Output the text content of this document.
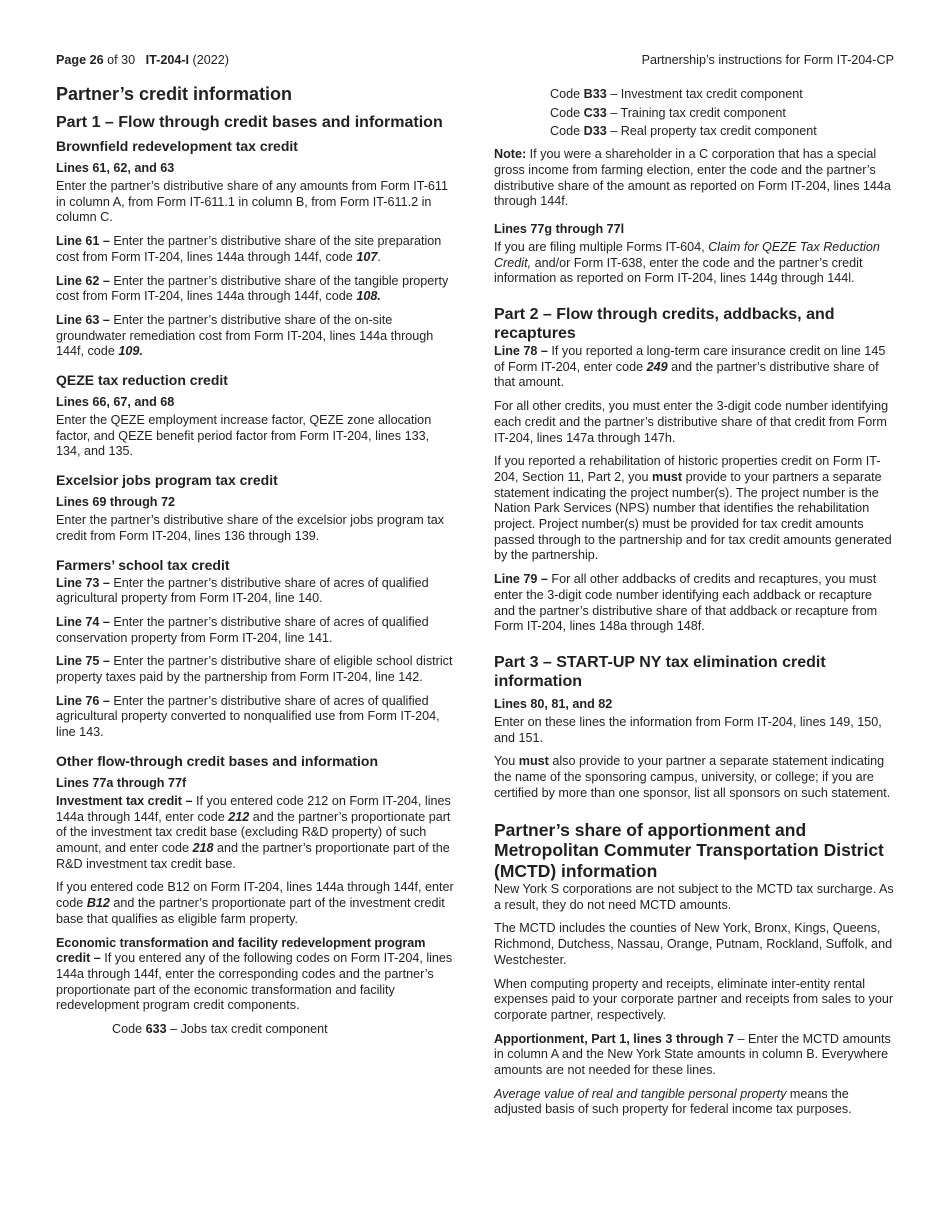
Page 26 of 30 IT-204-I (2022)	Partnership’s instructions for Form IT-204-CP
Partner’s credit information
Part 1 – Flow through credit bases and information
Brownfield redevelopment tax credit
Lines 61, 62, and 63

Enter the partner’s distributive share of any amounts from Form IT-611 in column A, from Form IT-611.1 in column B, from Form IT-611.2 in column C.

Line 61 – Enter the partner’s distributive share of the site preparation cost from Form IT-204, lines 144a through 144f, code 107.

Line 62 – Enter the partner’s distributive share of the tangible property cost from Form IT-204, lines 144a through 144f, code 108.

Line 63 – Enter the partner’s distributive share of the on-site groundwater remediation cost from Form IT-204, lines 144a through 144f, code 109.

QEZE tax reduction credit
Lines 66, 67, and 68

Enter the QEZE employment increase factor, QEZE zone allocation factor, and QEZE benefit period factor from Form IT-204, lines 133, 134, and 135.

Excelsior jobs program tax credit
Lines 69 through 72

Enter the partner’s distributive share of the excelsior jobs program tax credit from Form IT-204, lines 136 through 139.

Farmers’ school tax credit

Line 73 – Enter the partner’s distributive share of acres of qualified agricultural property from Form IT-204, line 140.

Line 74 – Enter the partner’s distributive share of acres of qualified conservation property from Form IT-204, line 141.

Line 75 – Enter the partner’s distributive share of eligible school district property taxes paid by the partnership from Form IT-204, line 142.

Line 76 – Enter the partner’s distributive share of acres of qualified agricultural property converted to nonqualified use from Form IT-204, line 143.

Other flow-through credit bases and information
Lines 77a through 77f

Investment tax credit – If you entered code 212 on Form IT-204, lines 144a through 144f, enter code 212 and the partner’s proportionate part of the investment tax credit base (excluding R&D property) of such amount, and enter code 218 and the partner’s proportionate part of the R&D investment tax credit base.

If you entered code B12 on Form IT-204, lines 144a through 144f, enter code B12 and the partner’s proportionate part of the investment credit base that qualifies as eligible farm property.

Economic transformation and facility redevelopment program credit – If you entered any of the following codes on Form IT-204, lines 144a through 144f, enter the corresponding codes and the partner’s proportionate part of the economic transformation and facility redevelopment program credit components.

Code 633 – Jobs tax credit component

Code B33 – Investment tax credit component

Code C33 – Training tax credit component

Code D33 – Real property tax credit component

Note: If you were a shareholder in a C corporation that has a special gross income from farming election, enter the code and the partner’s distributive share of the amount as reported on Form IT-204, lines 144a through 144f.

Lines 77g through 77l

If you are filing multiple Forms IT-604, Claim for QEZE Tax Reduction Credit, and/or Form IT-638, enter the code and the partner’s credit information as reported on Form IT-204, lines 144g through 144l.

Part 2 – Flow through credits, addbacks, and recaptures

Line 78 – If you reported a long-term care insurance credit on line 145 of Form IT-204, enter code 249 and the partner’s distributive share of that amount.

For all other credits, you must enter the 3-digit code number identifying each credit and the partner’s distributive share of that credit from Form IT-204, lines 147a through 147h.

If you reported a rehabilitation of historic properties credit on Form IT-204, Section 11, Part 2, you must provide to your partners a separate statement indicating the project number(s). The project number is the Nation Park Services (NPS) number that identifies the rehabilitation project. Project number(s) must be provided for tax credit amounts passed through to the partnership and for tax credit amounts generated by the partnership.

Line 79 – For all other addbacks of credits and recaptures, you must enter the 3-digit code number identifying each addback or recapture and the partner’s distributive share of that addback or recapture from Form IT-204, lines 148a through 148f.

Part 3 – START-UP NY tax elimination credit information
Lines 80, 81, and 82

Enter on these lines the information from Form IT-204, lines 149, 150, and 151.

You must also provide to your partner a separate statement indicating the name of the sponsoring campus, university, or college; if you are certified by more than one sponsor, list all sponsors on such statement.

Partner’s share of apportionment and Metropolitan Commuter Transportation District (MCTD) information

New York S corporations are not subject to the MCTD tax surcharge. As a result, they do not need MCTD amounts.

The MCTD includes the counties of New York, Bronx, Kings, Queens, Richmond, Dutchess, Nassau, Orange, Putnam, Rockland, Suffolk, and Westchester.

When computing property and receipts, eliminate inter-entity rental expenses paid to your corporate partner and receipts from sales to your corporate partner, respectively.

Apportionment, Part 1, lines 3 through 7 – Enter the MCTD amounts in column A and the New York State amounts in column B. Everywhere amounts are not needed for these lines.

Average value of real and tangible personal property means the adjusted basis of such property for federal income tax purposes.
